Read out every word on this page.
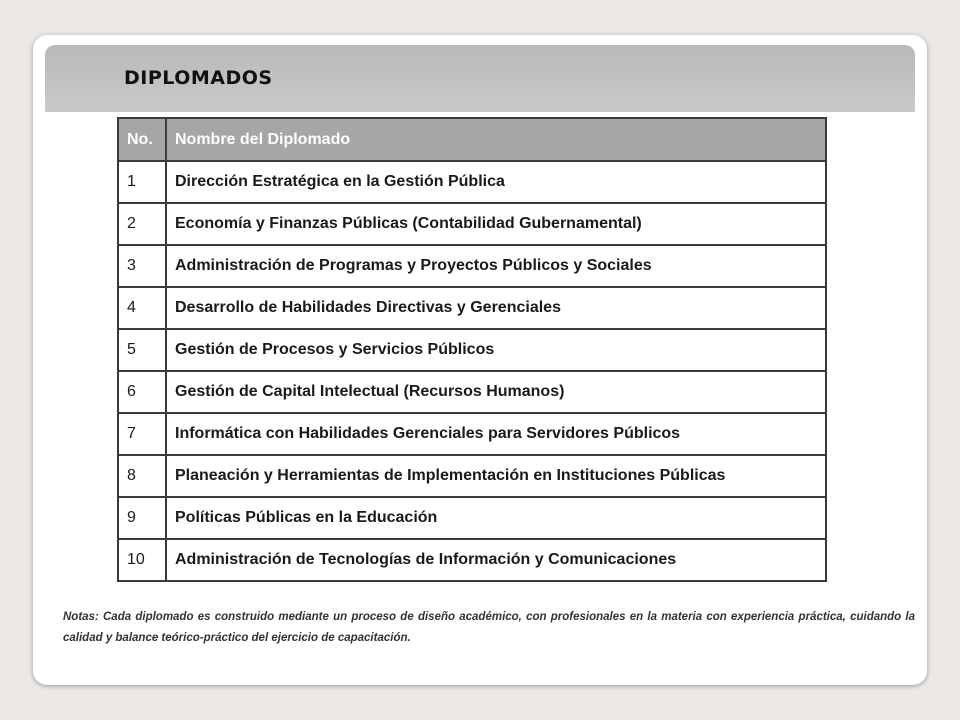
DIPLOMADOS
No.	Nombre del Diplomado
1	Dirección Estratégica en la Gestión Pública
2	Economía y Finanzas Públicas (Contabilidad Gubernamental)
3	Administración de Programas y Proyectos Públicos y Sociales
4	Desarrollo de Habilidades Directivas y Gerenciales
5	Gestión de Procesos y Servicios Públicos
6	Gestión de Capital Intelectual (Recursos Humanos)
7	Informática con Habilidades Gerenciales para Servidores Públicos
8	Planeación y Herramientas de Implementación en Instituciones Públicas
9	Políticas Públicas en la Educación
10	Administración de Tecnologías de Información y Comunicaciones
Notas: Cada diplomado es construido mediante un proceso de diseño académico, con profesionales en la materia con experiencia práctica, cuidando la calidad y balance teórico-práctico del ejercicio de capacitación.
